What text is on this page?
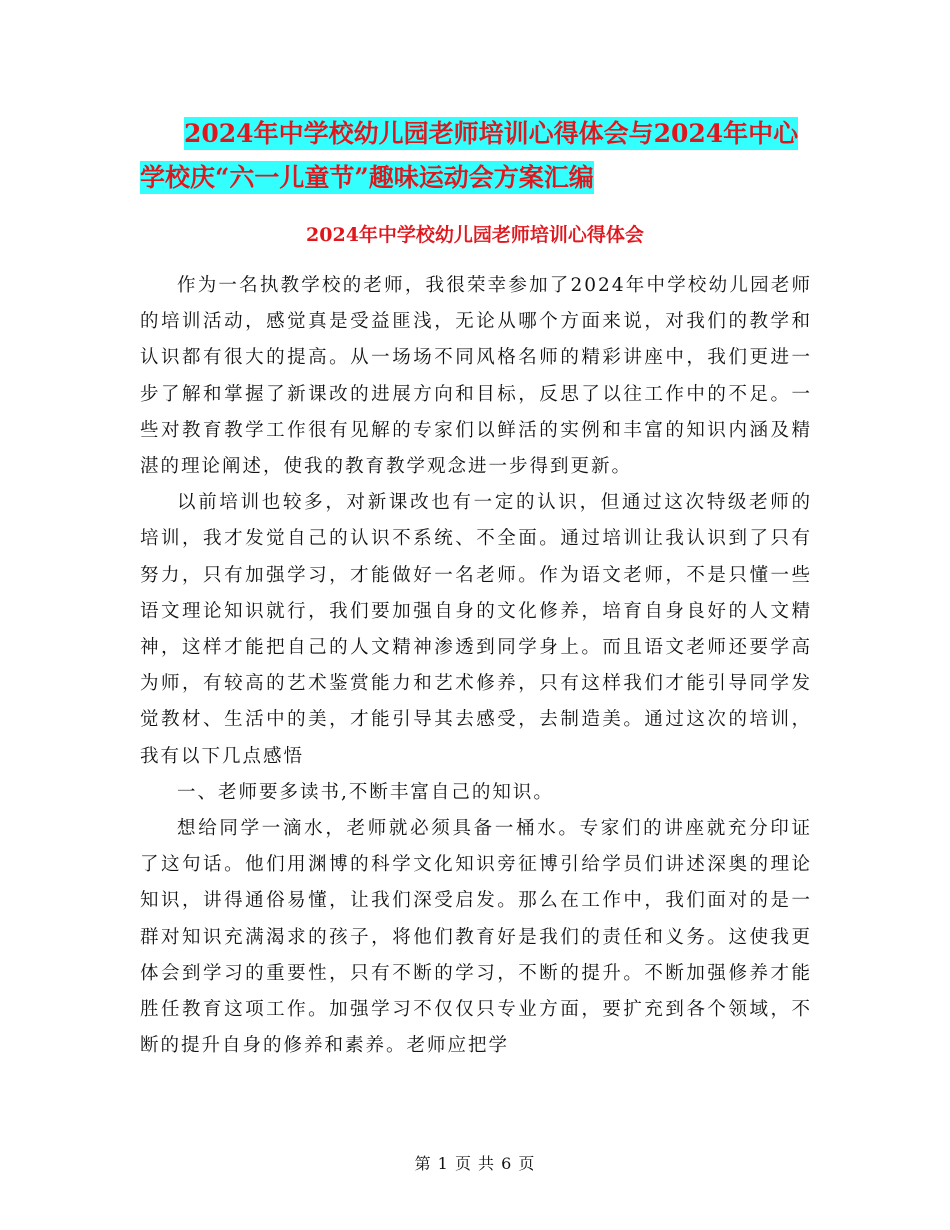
2024年中学校幼儿园老师培训心得体会与2024年中心
学校庆“六一儿童节”趣味运动会方案汇编
2024年中学校幼儿园老师培训心得体会

作为一名执教学校的老师，我很荣幸参加了2024年中学校幼儿园老师的培训活动，感觉真是受益匪浅，无论从哪个方面来说，对我们的教学和认识都有很大的提高。从一场场不同风格名师的精彩讲座中，我们更进一步了解和掌握了新课改的进展方向和目标，反思了以往工作中的不足。一些对教育教学工作很有见解的专家们以鲜活的实例和丰富的知识内涵及精湛的理论阐述，使我的教育教学观念进一步得到更新。

以前培训也较多，对新课改也有一定的认识，但通过这次特级老师的培训，我才发觉自己的认识不系统、不全面。通过培训让我认识到了只有努力，只有加强学习，才能做好一名老师。作为语文老师，不是只懂一些语文理论知识就行，我们要加强自身的文化修养，培育自身良好的人文精神，这样才能把自己的人文精神渗透到同学身上。而且语文老师还要学高为师，有较高的艺术鉴赏能力和艺术修养，只有这样我们才能引导同学发觉教材、生活中的美，才能引导其去感受，去制造美。通过这次的培训，我有以下几点感悟

一、老师要多读书,不断丰富自己的知识。

想给同学一滴水，老师就必须具备一桶水。专家们的讲座就充分印证了这句话。他们用渊博的科学文化知识旁征博引给学员们讲述深奥的理论知识，讲得通俗易懂，让我们深受启发。那么在工作中，我们面对的是一群对知识充满渴求的孩子，将他们教育好是我们的责任和义务。这使我更体会到学习的重要性，只有不断的学习，不断的提升。不断加强修养才能胜任教育这项工作。加强学习不仅仅只专业方面，要扩充到各个领域，不断的提升自身的修养和素养。老师应把学

第 1 页 共 6 页
